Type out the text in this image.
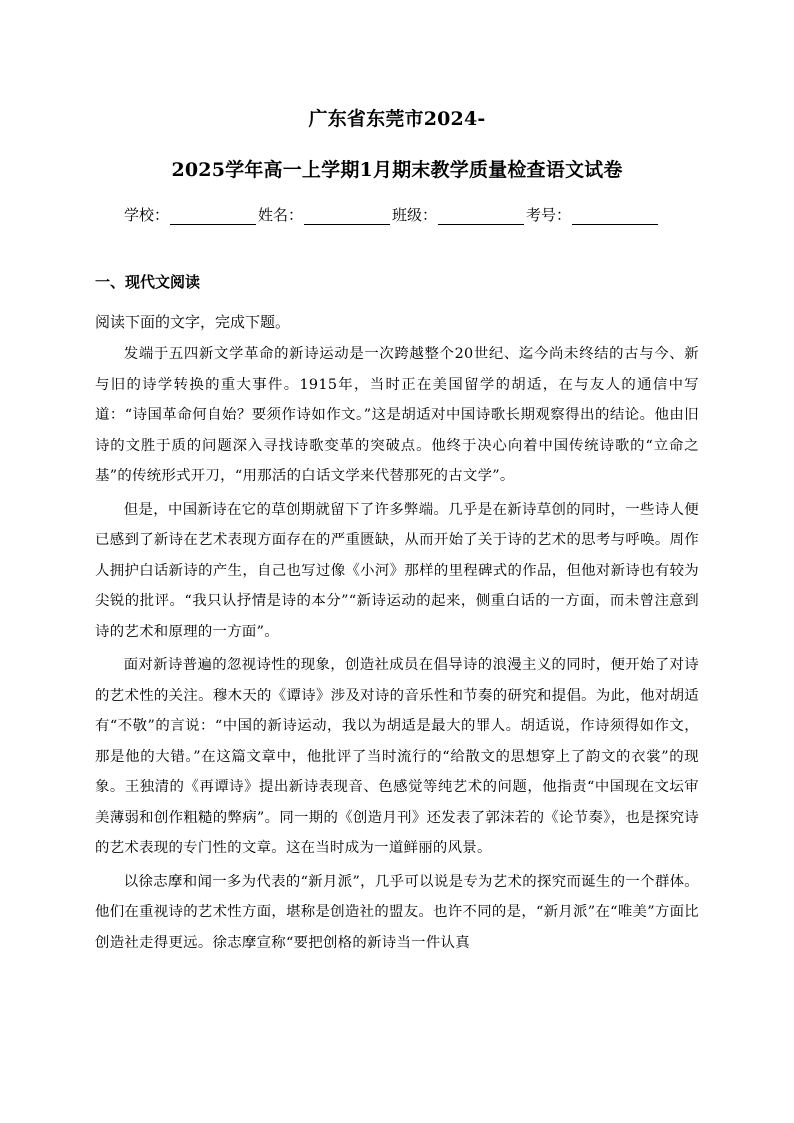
广东省东莞市2024-
2025学年高一上学期1月期末教学质量检查语文试卷
学校：	姓名：	班级：	考号：
一、现代文阅读
阅读下面的文字，完成下题。

发端于五四新文学革命的新诗运动是一次跨越整个20世纪、迄今尚未终结的古与今、新与旧的诗学转换的重大事件。1915年，当时正在美国留学的胡适，在与友人的通信中写道：“诗国革命何自始？要须作诗如作文。”这是胡适对中国诗歌长期观察得出的结论。他由旧诗的文胜于质的问题深入寻找诗歌变革的突破点。他终于决心向着中国传统诗歌的“立命之基”的传统形式开刀，“用那活的白话文学来代替那死的古文学”。

但是，中国新诗在它的草创期就留下了许多弊端。几乎是在新诗草创的同时，一些诗人便已感到了新诗在艺术表现方面存在的严重匮缺，从而开始了关于诗的艺术的思考与呼唤。周作人拥护白话新诗的产生，自己也写过像《小河》那样的里程碑式的作品，但他对新诗也有较为尖锐的批评。“我只认抒情是诗的本分”“新诗运动的起来，侧重白话的一方面，而未曾注意到诗的艺术和原理的一方面”。

面对新诗普遍的忽视诗性的现象，创造社成员在倡导诗的浪漫主义的同时，便开始了对诗的艺术性的关注。穆木天的《谭诗》涉及对诗的音乐性和节奏的研究和提倡。为此，他对胡适有“不敬”的言说：“中国的新诗运动，我以为胡适是最大的罪人。胡适说，作诗须得如作文，那是他的大错。”在这篇文章中，他批评了当时流行的“给散文的思想穿上了韵文的衣裳”的现象。王独清的《再谭诗》提出新诗表现音、色感觉等纯艺术的问题，他指责“中国现在文坛审美薄弱和创作粗糙的弊病”。同一期的《创造月刊》还发表了郭沫若的《论节奏》，也是探究诗的艺术表现的专门性的文章。这在当时成为一道鲜丽的风景。

以徐志摩和闻一多为代表的“新月派”，几乎可以说是专为艺术的探究而诞生的一个群体。他们在重视诗的艺术性方面，堪称是创造社的盟友。也许不同的是，“新月派”在“唯美”方面比创造社走得更远。徐志摩宣称“要把创格的新诗当一件认真
